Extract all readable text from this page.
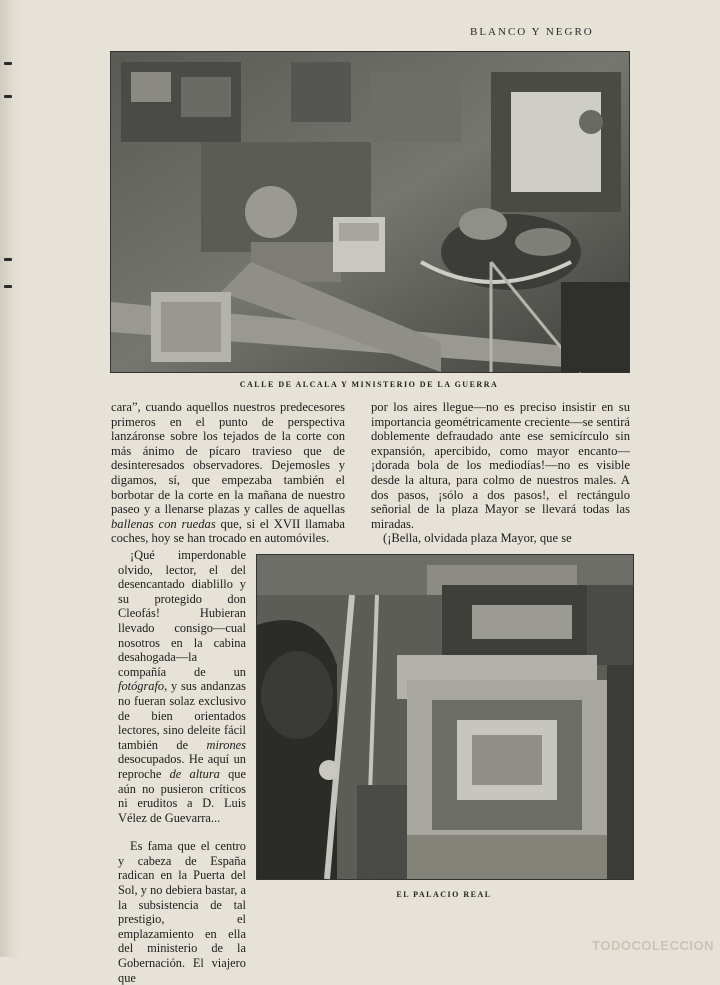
BLANCO Y NEGRO
CALLE DE ALCALA Y MINISTERIO DE LA GUERRA

cara”, cuando aquellos nuestros predecesores primeros en el punto de perspectiva lanzáronse sobre los tejados de la corte con más ánimo de pícaro travieso que de desinteresados observadores. Dejemosles y digamos, sí, que empezaba también el borbotar de la corte en la mañana de nuestro paseo y a llenarse plazas y calles de aquellas ballenas con ruedas que, si el XVII llamaba coches, hoy se han trocado en automóviles.

por los aires llegue—no es preciso insistir en su importancia geométricamente creciente—se sentirá doblemente defraudado ante ese semicírculo sin expansión, apercibido, como mayor encanto—¡dorada bola de los mediodías!—no es visible desde la altura, para colmo de nuestros males. A dos pasos, ¡sólo a dos pasos!, el rectángulo señorial de la plaza Mayor se llevará todas las miradas.

(¡Bella, olvidada plaza Mayor, que se

¡Qué imperdonable olvido, lector, el del desencantado diablillo y su protegido don Cleofás! Hubieran llevado consigo—cual nosotros en la cabina desahogada—la compañía de un fotógrafo, y sus andanzas no fueran solaz exclusivo de bien orientados lectores, sino deleite fácil también de mirones desocupados. He aquí un reproche de altura que aún no pusieron críticos ni eruditos a D. Luis Vélez de Guevarra...

Es fama que el centro y cabeza de España radican en la Puerta del Sol, y no debiera bastar, a la subsistencia de tal prestigio, el emplazamiento en ella del ministerio de la Gobernación. El viajero que

EL PALACIO REAL
TODOCOLECCION
